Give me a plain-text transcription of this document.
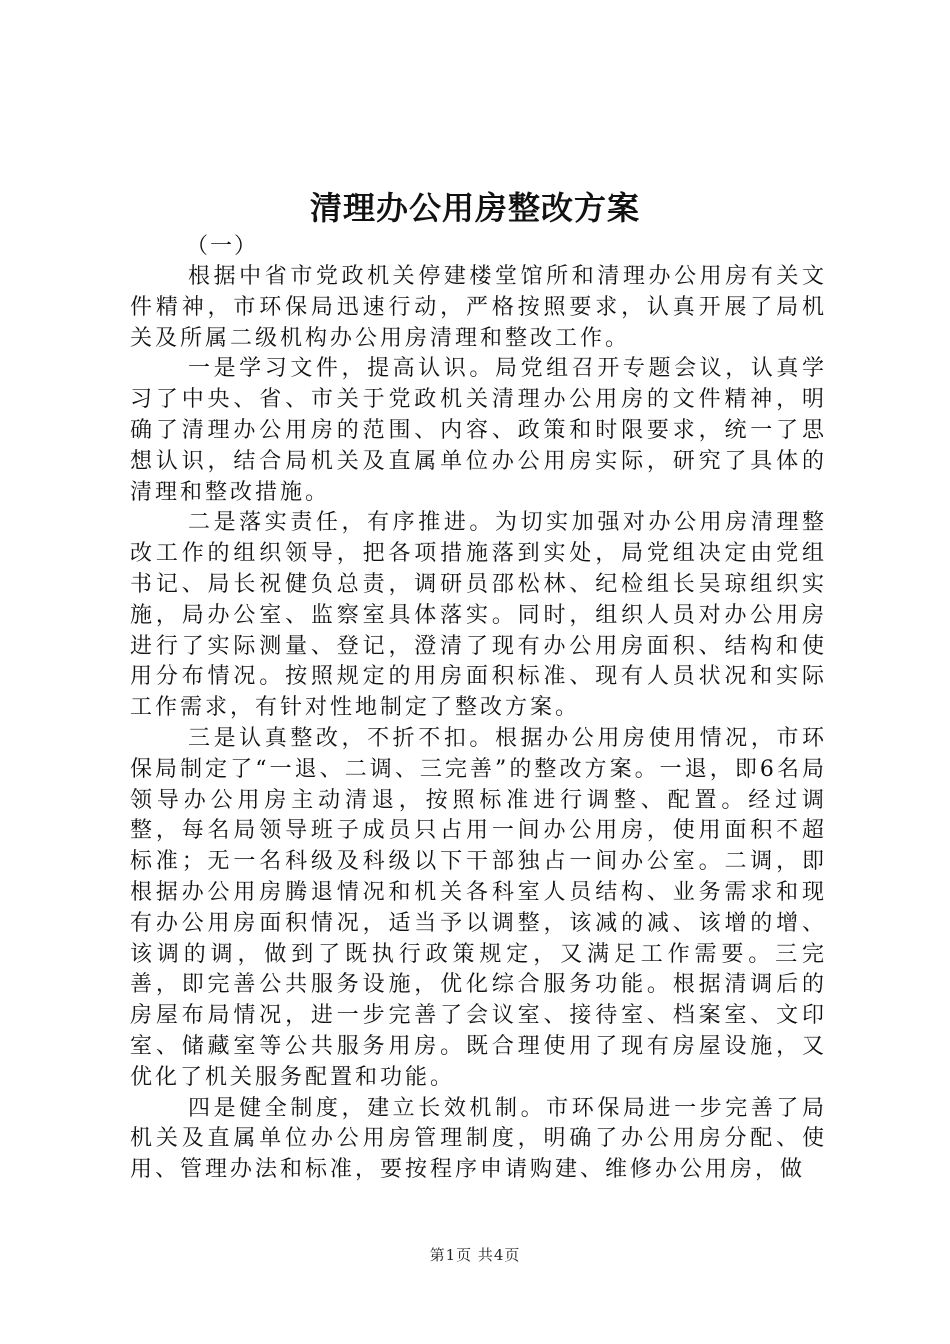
清理办公用房整改方案

（一）

根据中省市党政机关停建楼堂馆所和清理办公用房有关文件精神，市环保局迅速行动，严格按照要求，认真开展了局机关及所属二级机构办公用房清理和整改工作。

一是学习文件，提高认识。局党组召开专题会议，认真学习了中央、省、市关于党政机关清理办公用房的文件精神，明确了清理办公用房的范围、内容、政策和时限要求，统一了思想认识，结合局机关及直属单位办公用房实际，研究了具体的清理和整改措施。

二是落实责任，有序推进。为切实加强对办公用房清理整改工作的组织领导，把各项措施落到实处，局党组决定由党组书记、局长祝健负总责，调研员邵松林、纪检组长吴琼组织实施，局办公室、监察室具体落实。同时，组织人员对办公用房进行了实际测量、登记，澄清了现有办公用房面积、结构和使用分布情况。按照规定的用房面积标准、现有人员状况和实际工作需求，有针对性地制定了整改方案。

三是认真整改，不折不扣。根据办公用房使用情况，市环保局制定了“一退、二调、三完善”的整改方案。一退，即6名局领导办公用房主动清退，按照标准进行调整、配置。经过调整，每名局领导班子成员只占用一间办公用房，使用面积不超标准；无一名科级及科级以下干部独占一间办公室。二调，即根据办公用房腾退情况和机关各科室人员结构、业务需求和现有办公用房面积情况，适当予以调整，该减的减、该增的增、该调的调，做到了既执行政策规定，又满足工作需要。三完善，即完善公共服务设施，优化综合服务功能。根据清调后的房屋布局情况，进一步完善了会议室、接待室、档案室、文印室、储藏室等公共服务用房。既合理使用了现有房屋设施，又优化了机关服务配置和功能。

四是健全制度，建立长效机制。市环保局进一步完善了局机关及直属单位办公用房管理制度，明确了办公用房分配、使用、管理办法和标准，要按程序申请购建、维修办公用房，做

第1页 共4页
